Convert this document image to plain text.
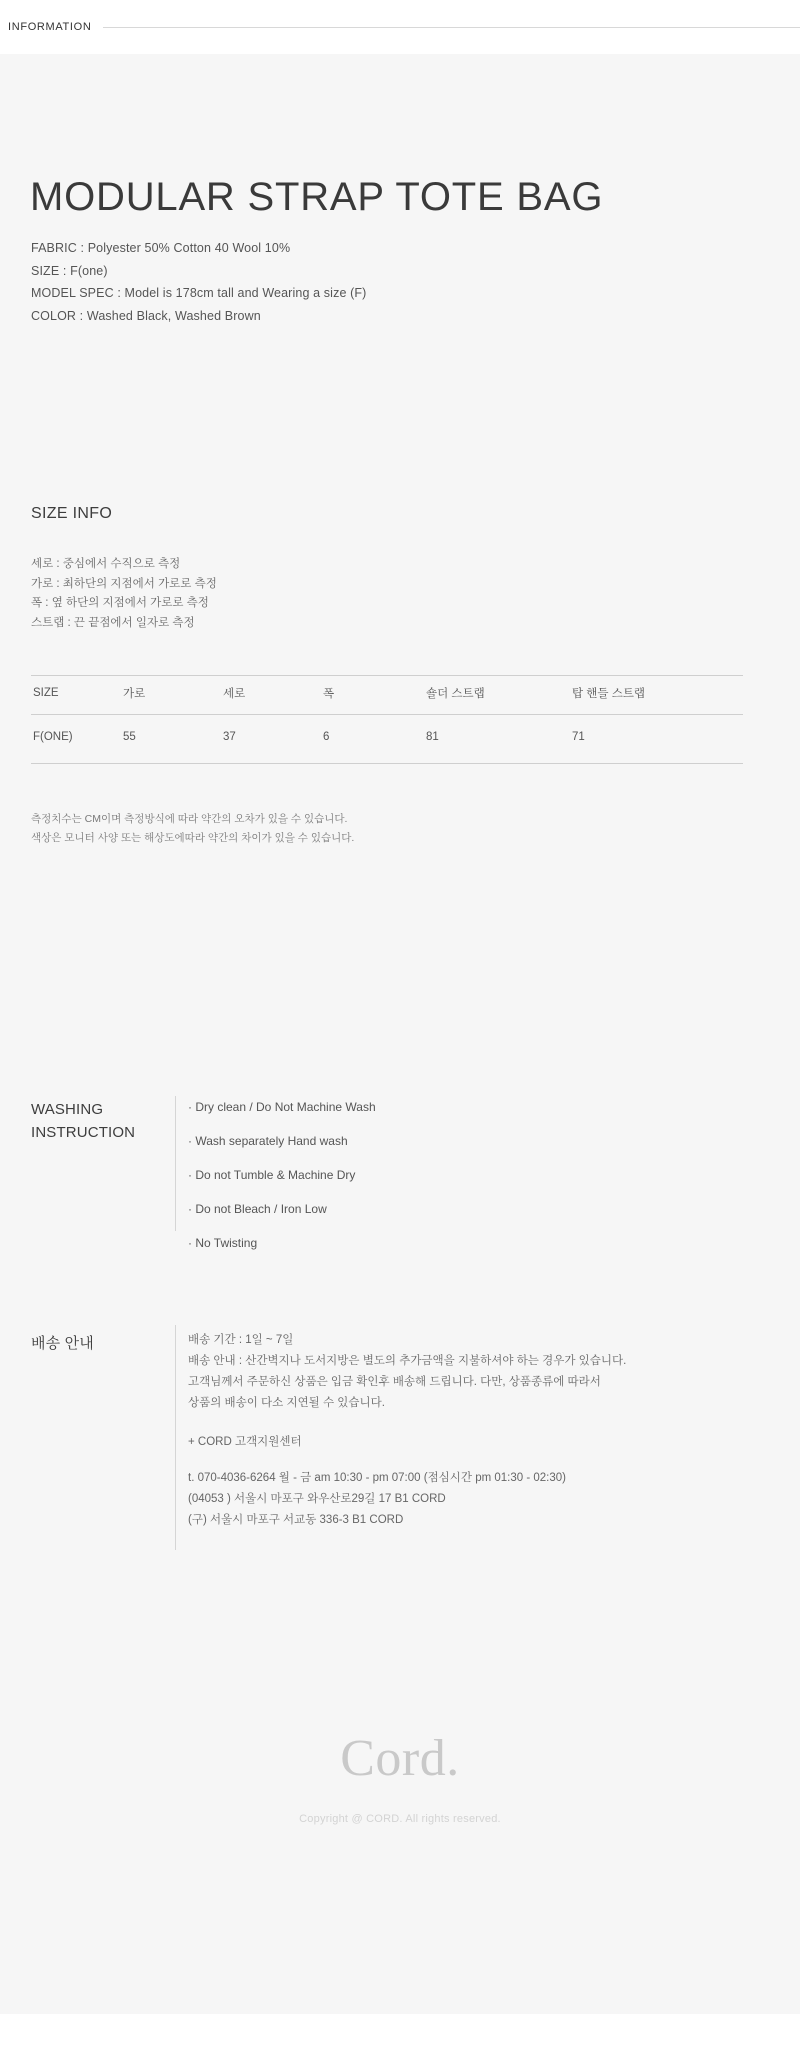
INFORMATION
MODULAR STRAP TOTE BAG
FABRIC : Polyester 50% Cotton 40 Wool 10%
SIZE : F(one)
MODEL SPEC : Model is 178cm tall and Wearing a size (F)
COLOR : Washed Black, Washed Brown
SIZE INFO
세로 : 중심에서 수직으로 측정
가로 : 최하단의 지점에서 가로로 측정
폭 : 옆 하단의 지점에서 가로로 측정
스트랩 : 끈 끝점에서 일자로 측정
SIZE	가로	세로	폭	숄더 스트랩	탑 핸들 스트랩
F(ONE)	55	37	6	81	71
측정치수는 CM이며 측정방식에 따라 약간의 오차가 있을 수 있습니다.
색상은 모니터 사양 또는 해상도에따라 약간의 차이가 있을 수 있습니다.
WASHING
INSTRUCTION
· Dry clean / Do Not Machine Wash
· Wash separately Hand wash
· Do not Tumble & Machine Dry
· Do not Bleach / Iron Low
· No Twisting
배송 안내	배송 기간 : 1일 ~ 7일
배송 안내 : 산간벽지나 도서지방은 별도의 추가금액을 지불하셔야 하는 경우가 있습니다.
고객님께서 주문하신 상품은 입금 확인후 배송해 드립니다. 다만, 상품종류에 따라서
상품의 배송이 다소 지연될 수 있습니다.
+ CORD 고객지원센터
t. 070-4036-6264 월 - 금 am 10:30 - pm 07:00 (점심시간 pm 01:30 - 02:30)
(04053 ) 서울시 마포구 와우산로29길 17 B1 CORD
(구) 서울시 마포구 서교동 336-3 B1 CORD
Cord.
Copyright @ CORD. All rights reserved.
